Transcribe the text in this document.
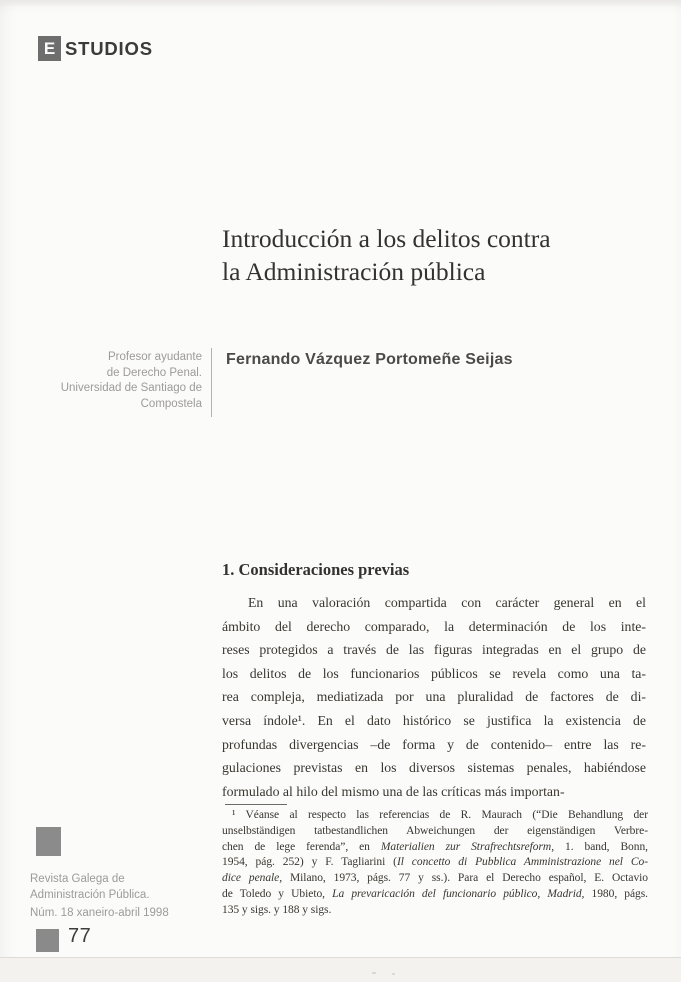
E STUDIOS
Introducción a los delitos contra
la Administración pública
Profesor ayudante
de Derecho Penal.
Universidad de Santiago de
Compostela
Fernando Vázquez Portomeñe Seijas
1. Consideraciones previas
En una valoración compartida con carácter general en el
ámbito del derecho comparado, la determinación de los inte-
reses protegidos a través de las figuras integradas en el grupo de
los delitos de los funcionarios públicos se revela como una ta-
rea compleja, mediatizada por una pluralidad de factores de di-
versa índole¹. En el dato histórico se justifica la existencia de
profundas divergencias –de forma y de contenido– entre las re-
gulaciones previstas en los diversos sistemas penales, habiéndose
formulado al hilo del mismo una de las críticas más importan-
¹ Véanse al respecto las referencias de R. Maurach (“Die Behandlung der
unselbständigen tatbestandlichen Abweichungen der eigenständigen Verbre-
chen de lege ferenda”, en Materialien zur Strafrechtsreform, 1. band, Bonn,
1954, pág. 252) y F. Tagliarini (Il concetto di Pubblica Amministrazione nel Co-
dice penale, Milano, 1973, págs. 77 y ss.). Para el Derecho español, E. Octavio
de Toledo y Ubieto, La prevaricación del funcionario público, Madrid, 1980, págs.
135 y sigs. y 188 y sigs.
Revista Galega de
Administración Pública.
Núm. 18 xaneiro-abril 1998
77
